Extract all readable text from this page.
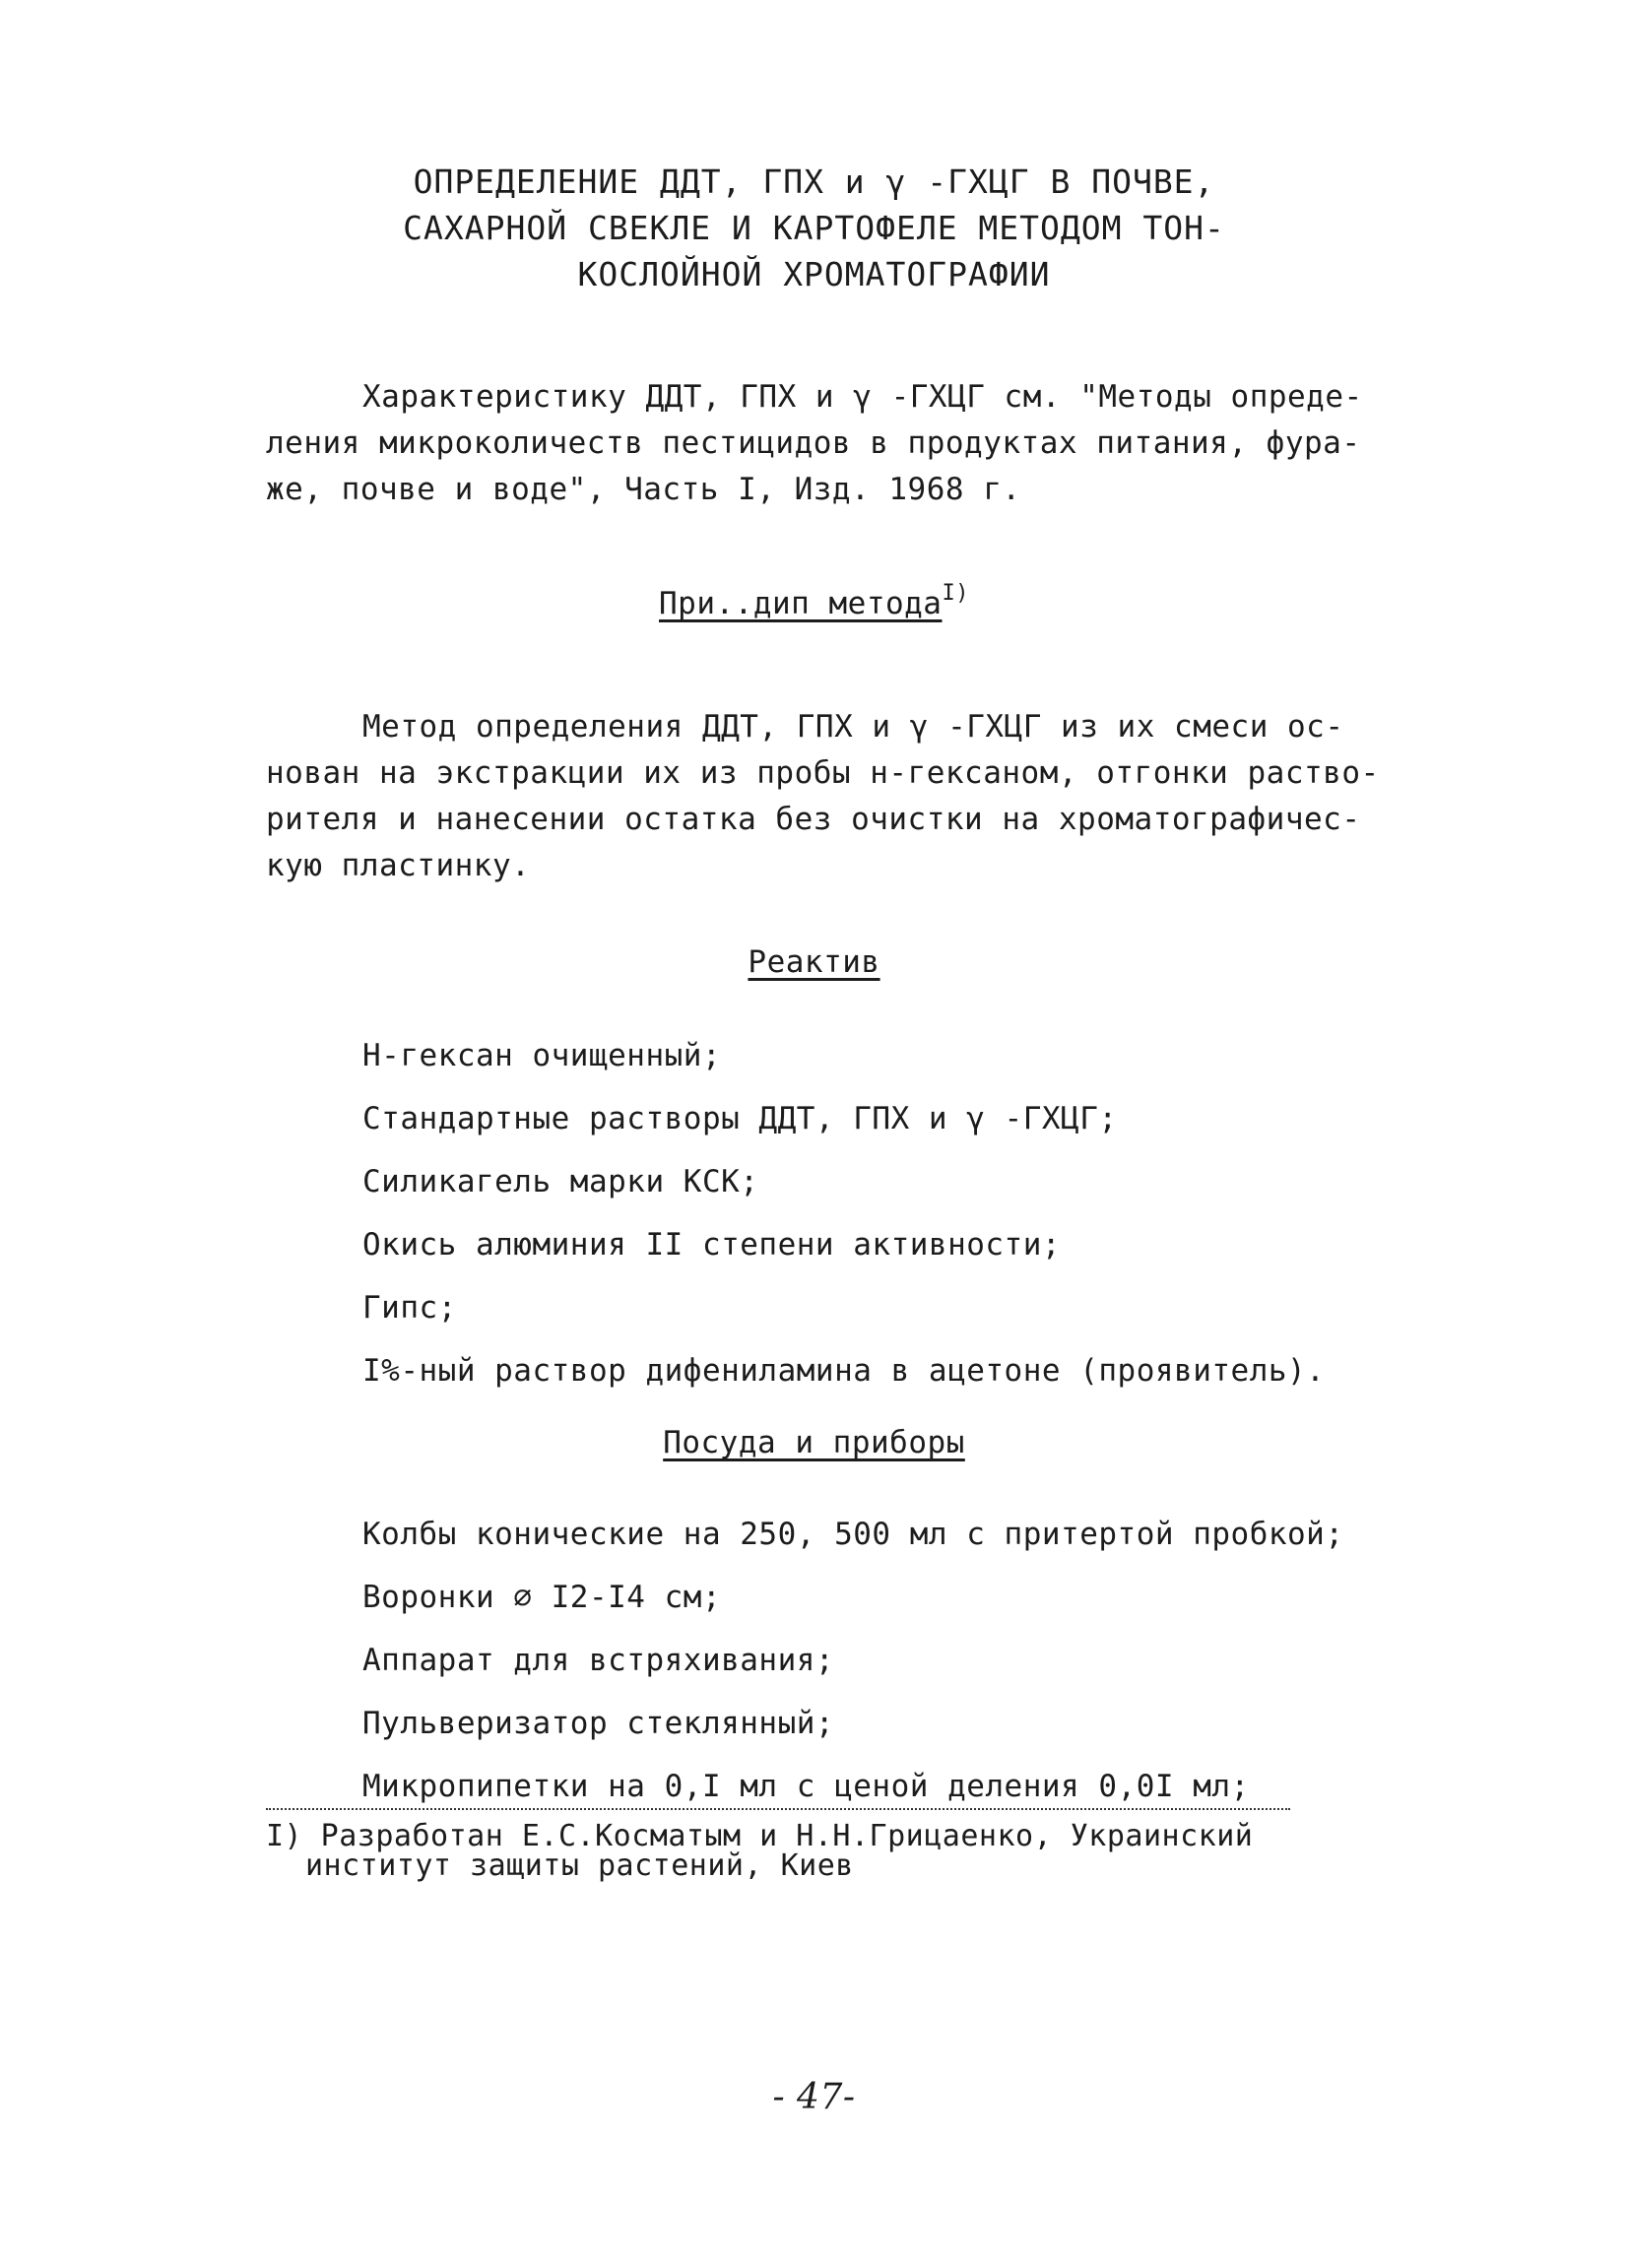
ОПРЕДЕЛЕНИЕ ДДТ, ГПХ и γ -ГХЦГ В ПОЧВЕ,
САХАРНОЙ СВЕКЛЕ И КАРТОФЕЛЕ МЕТОДОМ ТОН-
КОСЛОЙНОЙ ХРОМАТОГРАФИИ
Характеристику ДДТ, ГПХ и γ -ГХЦГ см. "Методы опреде-
ления микроколичеств пестицидов в продуктах питания, фура-
же, почве и воде", Часть I, Изд. 1968 г.
При..дип метода$^{I)}$
Метод определения ДДТ, ГПХ и γ -ГХЦГ из их смеси ос-
нован на экстракции их из пробы н-гексаном, отгонки раство-
рителя и нанесении остатка без очистки на хроматографичес-
кую пластинку.
Реактив
Н-гексан очищенный;
Стандартные растворы ДДТ, ГПХ и γ -ГХЦГ;
Силикагель марки КСК;
Окись алюминия II степени активности;
Гипс;
I%-ный раствор дифениламина в ацетоне (проявитель).
Посуда и приборы
Колбы конические на 250, 500 мл с притертой пробкой;
Воронки ∅ I2-I4 см;
Аппарат для встряхивания;
Пульверизатор стеклянный;
Микропипетки на 0,I мл с ценой деления 0,0I мл;
I) Разработан Е.С.Косматым и Н.Н.Грицаенко, Украинский
институт защиты растений, Киев
- 47-
